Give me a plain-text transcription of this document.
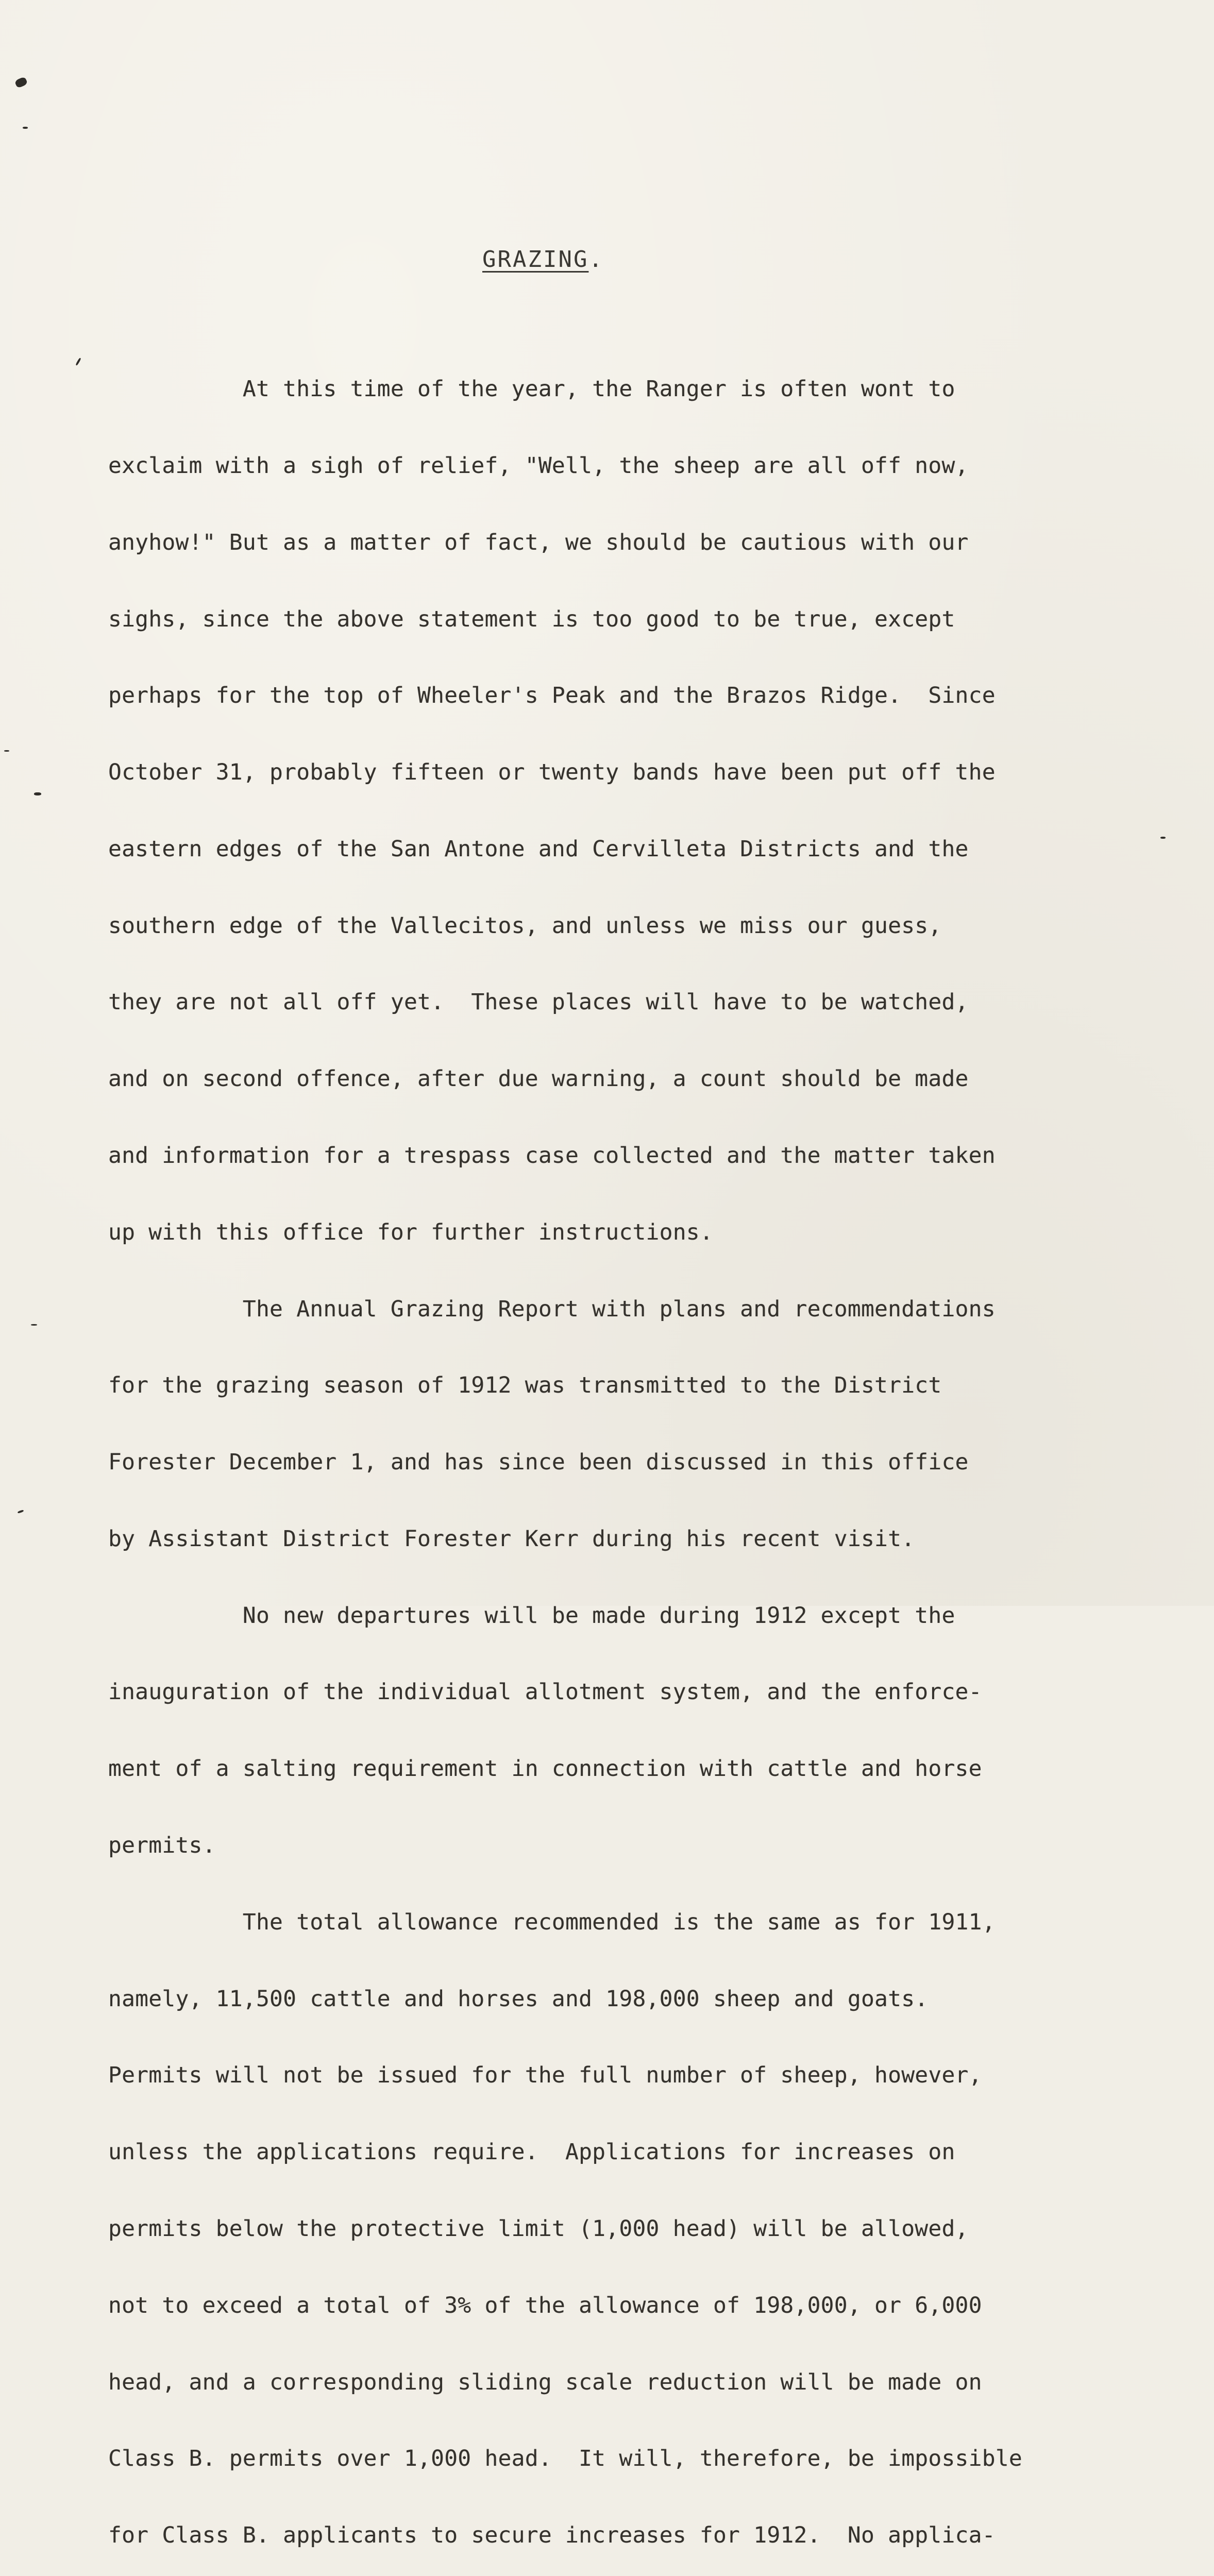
GRAZING.

At this time of the year, the Ranger is often wont to

exclaim with a sigh of relief, "Well, the sheep are all off now,

anyhow!" But as a matter of fact, we should be cautious with our

sighs, since the above statement is too good to be true, except

perhaps for the top of Wheeler's Peak and the Brazos Ridge.  Since

October 31, probably fifteen or twenty bands have been put off the

eastern edges of the San Antone and Cervilleta Districts and the

southern edge of the Vallecitos, and unless we miss our guess,

they are not all off yet.  These places will have to be watched,

and on second offence, after due warning, a count should be made

and information for a trespass case collected and the matter taken

up with this office for further instructions.

The Annual Grazing Report with plans and recommendations

for the grazing season of 1912 was transmitted to the District

Forester December 1, and has since been discussed in this office

by Assistant District Forester Kerr during his recent visit.

No new departures will be made during 1912 except the

inauguration of the individual allotment system, and the enforce-

ment of a salting requirement in connection with cattle and horse

permits.

The total allowance recommended is the same as for 1911,

namely, 11,500 cattle and horses and 198,000 sheep and goats.

Permits will not be issued for the full number of sheep, however,

unless the applications require.  Applications for increases on

permits below the protective limit (1,000 head) will be allowed,

not to exceed a total of 3% of the allowance of 198,000, or 6,000

head, and a corresponding sliding scale reduction will be made on

Class B. permits over 1,000 head.  It will, therefore, be impossible

for Class B. applicants to secure increases for 1912.  No applica-
